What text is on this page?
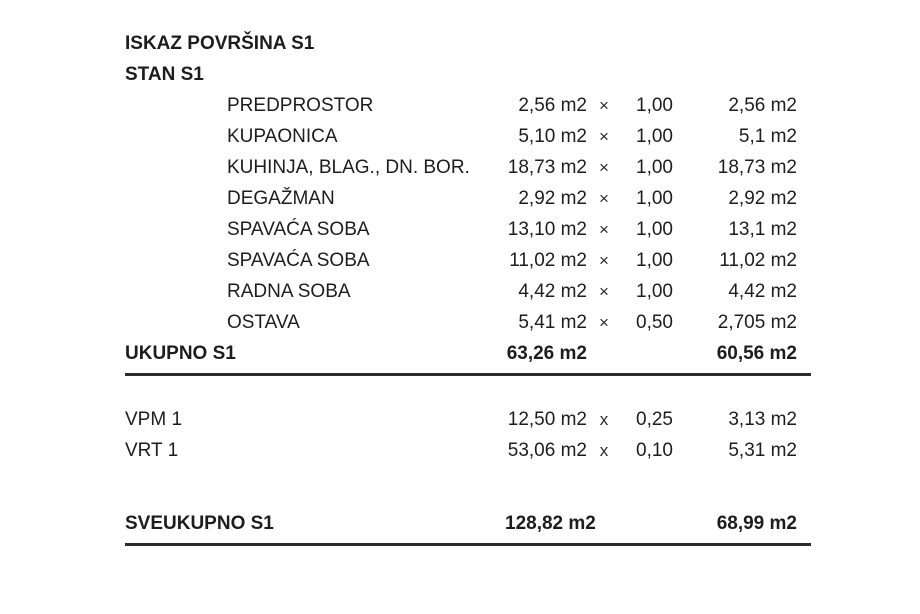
ISKAZ POVRŠINA S1
STAN S1
PREDPROSTOR	2,56 m2 ×	1,00	2,56 m2
KUPAONICA	5,10 m2 ×	1,00	5,1 m2
KUHINJA, BLAG., DN. BOR.	18,73 m2 ×	1,00	18,73 m2
DEGAŽMAN	2,92 m2 ×	1,00	2,92 m2
SPAVAĆA SOBA	13,10 m2 ×	1,00	13,1 m2
SPAVAĆA SOBA	11,02 m2 ×	1,00	11,02 m2
RADNA SOBA	4,42 m2 ×	1,00	4,42 m2
OSTAVA	5,41 m2 ×	0,50	2,705 m2
UKUPNO S1	63,26 m2	60,56 m2
VPM 1	12,50 m2 x	0,25	3,13 m2
VRT 1	53,06 m2 x	0,10	5,31 m2
SVEUKUPNO S1	128,82 m2	68,99 m2
